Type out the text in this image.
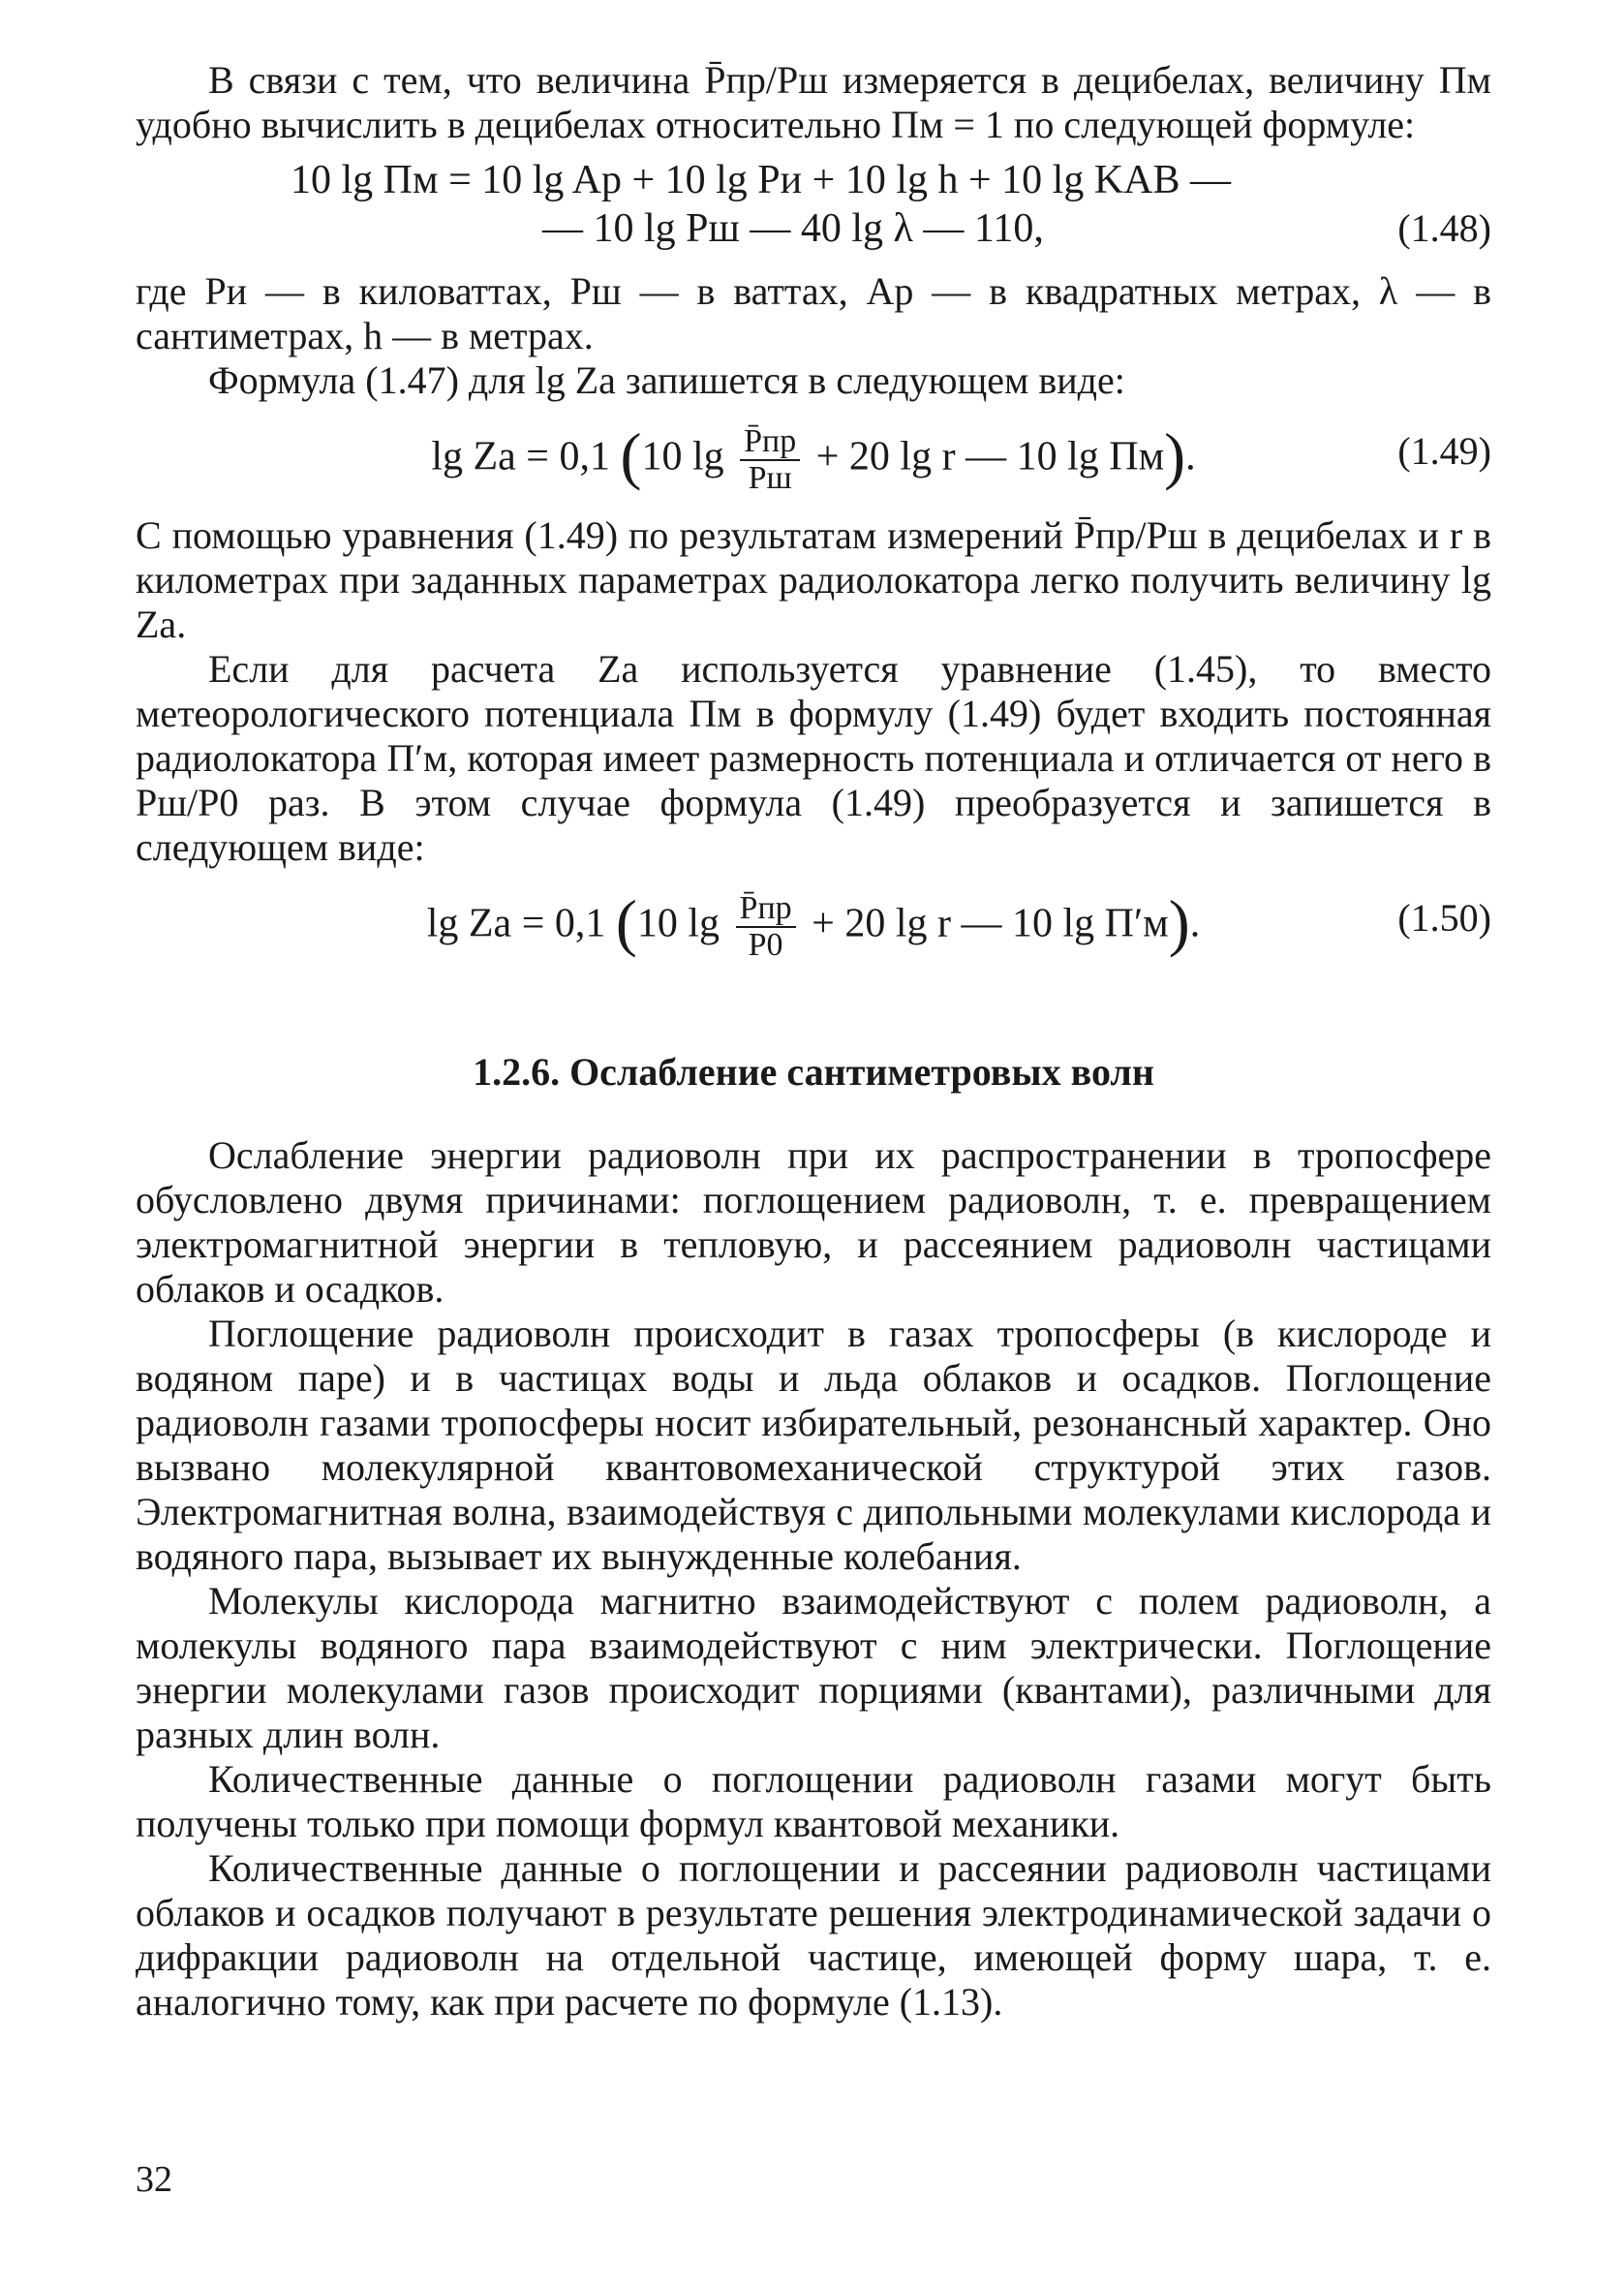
В связи с тем, что величина P̄пр/Pш измеряется в децибелах, величину Пм удобно вычислить в децибелах относительно Пм = 1 по следующей формуле:

10 lg Пм = 10 lg Ap + 10 lg Pи + 10 lg h + 10 lg KАВ —
— 10 lg Pш — 40 lg λ — 110,	(1.48)

где Pи — в киловаттах, Pш — в ваттах, Ap — в квадратных метрах, λ — в сантиметрах, h — в метрах.

Формула (1.47) для lg Za запишется в следующем виде:

lg Za = 0,1 (10 lg P̄пр
Pш + 20 lg r — 10 lg Пм).	(1.49)

С помощью уравнения (1.49) по результатам измерений P̄пр/Pш в децибелах и r в километрах при заданных параметрах радиолокатора легко получить величину lg Za.

Если для расчета Za используется уравнение (1.45), то вместо метеорологического потенциала Пм в формулу (1.49) будет входить постоянная радиолокатора П′м, которая имеет размерность потенциала и отличается от него в Pш/P0 раз. В этом случае формула (1.49) преобразуется и запишется в следующем виде:

lg Za = 0,1 (10 lg P̄пр
P0 + 20 lg r — 10 lg П′м).	(1.50)
1.2.6. Ослабление сантиметровых волн

Ослабление энергии радиоволн при их распространении в тропосфере обусловлено двумя причинами: поглощением радиоволн, т. е. превращением электромагнитной энергии в тепловую, и рассеянием радиоволн частицами облаков и осадков.

Поглощение радиоволн происходит в газах тропосферы (в кислороде и водяном паре) и в частицах воды и льда облаков и осадков. Поглощение радиоволн газами тропосферы носит избирательный, резонансный характер. Оно вызвано молекулярной квантовомеханической структурой этих газов. Электромагнитная волна, взаимодействуя с дипольными молекулами кислорода и водяного пара, вызывает их вынужденные колебания.

Молекулы кислорода магнитно взаимодействуют с полем радиоволн, а молекулы водяного пара взаимодействуют с ним электрически. Поглощение энергии молекулами газов происходит порциями (квантами), различными для разных длин волн.

Количественные данные о поглощении радиоволн газами могут быть получены только при помощи формул квантовой механики.

Количественные данные о поглощении и рассеянии радиоволн частицами облаков и осадков получают в результате решения электродинамической задачи о дифракции радиоволн на отдельной частице, имеющей форму шара, т. е. аналогично тому, как при расчете по формуле (1.13).

32
